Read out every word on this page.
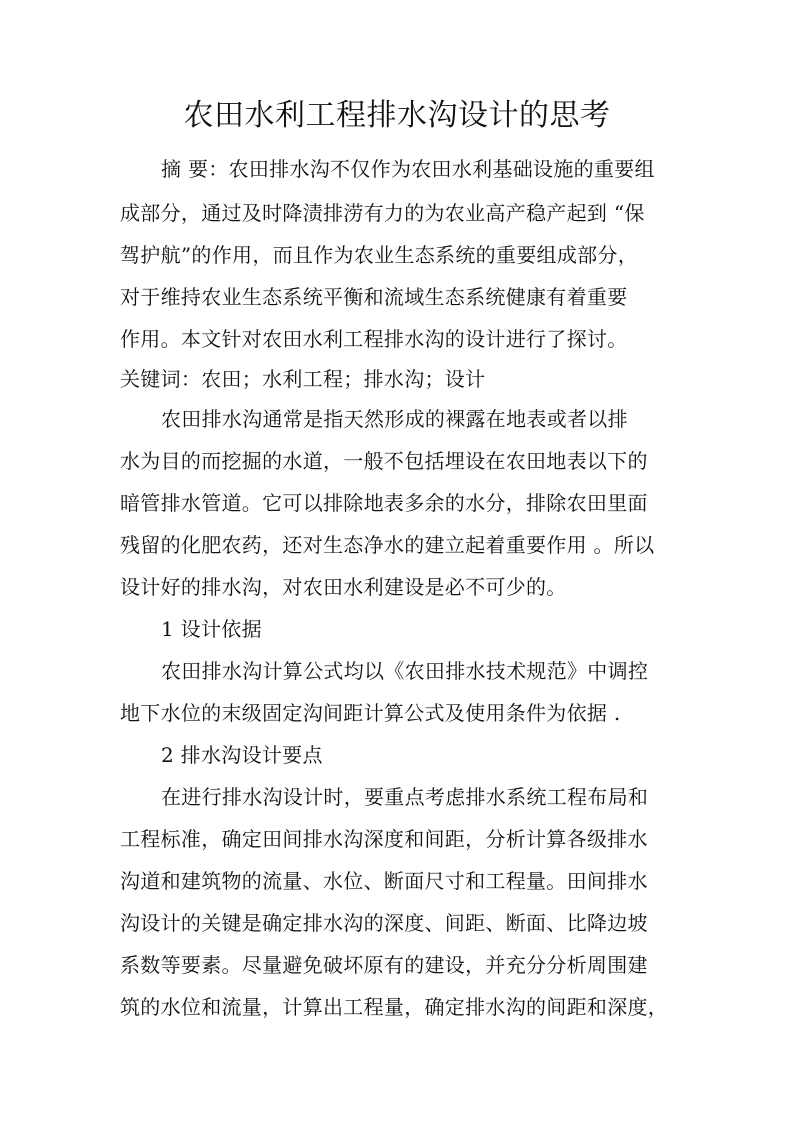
农田水利工程排水沟设计的思考
摘 要：农田排水沟不仅作为农田水利基础设施的重要组
成部分，通过及时降渍排涝有力的为农业高产稳产起到 “保
驾护航”的作用，而且作为农业生态系统的重要组成部分，
对于维持农业生态系统平衡和流域生态系统健康有着重要
作用。本文针对农田水利工程排水沟的设计进行了探讨。
关键词：农田；水利工程；排水沟；设计
农田排水沟通常是指天然形成的裸露在地表或者以排
水为目的而挖掘的水道，一般不包括埋设在农田地表以下的
暗管排水管道。它可以排除地表多余的水分，排除农田里面
残留的化肥农药，还对生态净水的建立起着重要作用 。所以
设计好的排水沟，对农田水利建设是必不可少的。
1 设计依据
农田排水沟计算公式均以《农田排水技术规范》中调控
地下水位的末级固定沟间距计算公式及使用条件为依据 .
2 排水沟设计要点
在进行排水沟设计时，要重点考虑排水系统工程布局和
工程标准，确定田间排水沟深度和间距，分析计算各级排水
沟道和建筑物的流量、水位、断面尺寸和工程量。田间排水
沟设计的关键是确定排水沟的深度、间距、断面、比降边坡
系数等要素。尽量避免破坏原有的建设，并充分分析周围建
筑的水位和流量，计算出工程量，确定排水沟的间距和深度，
